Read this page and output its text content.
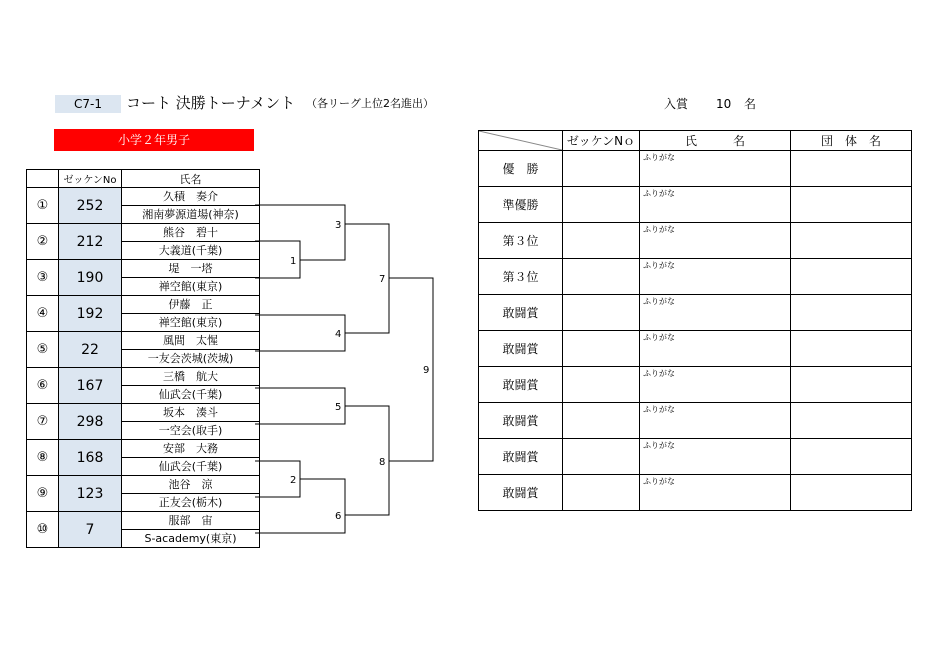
C7-1	コート 決勝トーナメント （各リーグ上位2名進出）	入賞 10 名
小学２年男子
	ゼッケンNo	氏名
①	252	久積　奏介
		湘南夢源道場(神奈)
②	212	熊谷　碧十
		大義道(千葉)
③	190	堤　一塔
		禅空館(東京)
④	192	伊藤　正
		禅空館(東京)
⑤	22	風間　太惺
		一友会茨城(茨城)
⑥	167	三橋　航大
		仙武会(千葉)
⑦	298	坂本　湊斗
		一空会(取手)
⑧	168	安部　大務
		仙武会(千葉)
⑨	123	池谷　涼
		正友会(栃木)
⑩	7	服部　宙
		S-academy(東京)
1
2
3
4
5
6
7
8
9
	ゼッケンNｏ	氏　　　名	団　体　名
優　勝		ふりがな	

準優勝		ふりがな	

第３位		ふりがな	

第３位		ふりがな	

敢闘賞		ふりがな	

敢闘賞		ふりがな	

敢闘賞		ふりがな	

敢闘賞		ふりがな	

敢闘賞		ふりがな	

敢闘賞		ふりがな	
